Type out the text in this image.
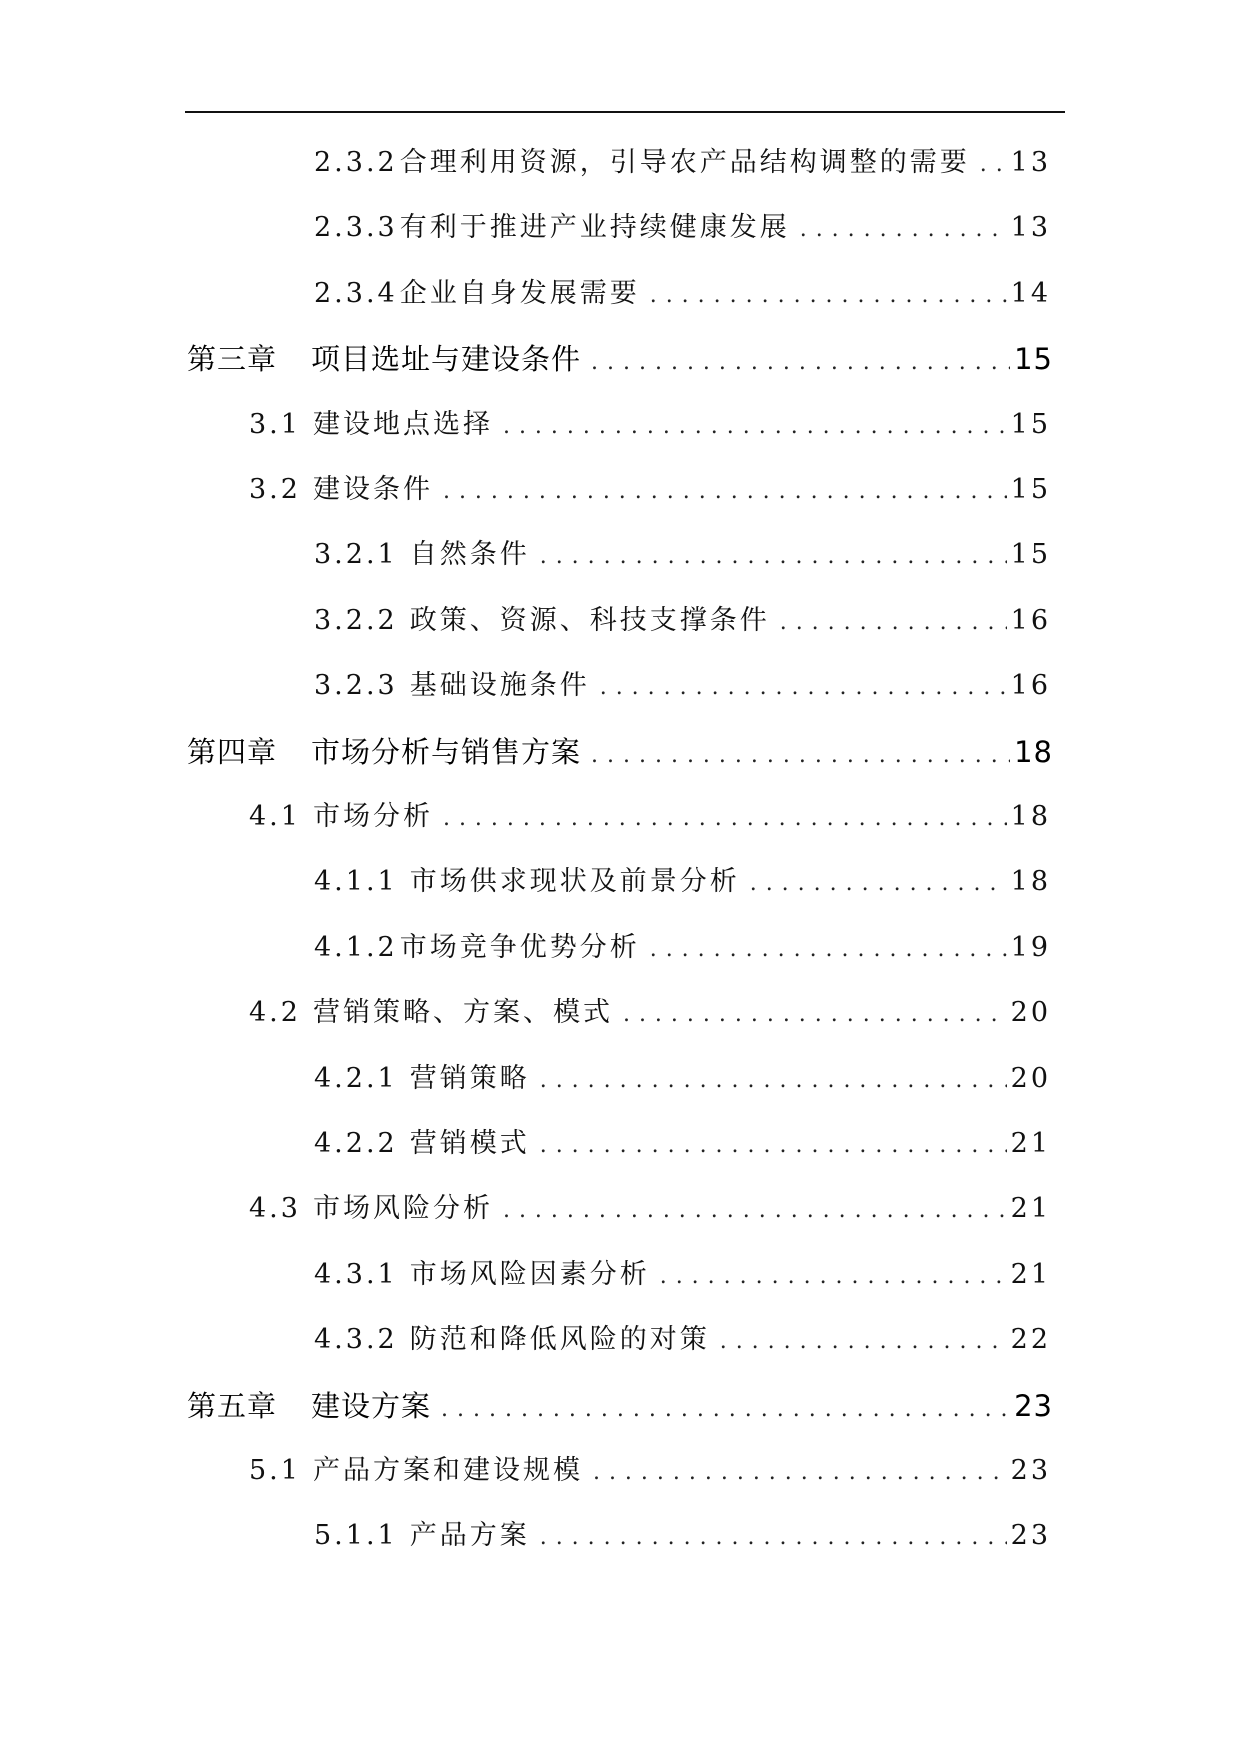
2.3.2 合理利用资源，引导农产品结构调整的需要 . . . 13
2.3.3 有利于推进产业持续健康发展 . . .	13
2.3.4 企业自身发展需要 . . .	14
第三章 项目选址与建设条件 . . .	15
3.1 建设地点选择 . . .	15
3.2 建设条件 . . .	15
3.2.1 自然条件 . . .	15
3.2.2 政策、资源、科技支撑条件 . . .	16
3.2.3 基础设施条件 . . .	16
第四章 市场分析与销售方案 . . .	18
4.1 市场分析 . . .	18
4.1.1 市场供求现状及前景分析 . . .	18
4.1.2 市场竞争优势分析 . . .	19
4.2 营销策略、方案、模式 . . .	20
4.2.1 营销策略 . . .	20
4.2.2 营销模式 . . .	21
4.3 市场风险分析 . . .	21
4.3.1 市场风险因素分析 . . .	21
4.3.2 防范和降低风险的对策 . . .	22
第五章 建设方案 . . .	23
5.1 产品方案和建设规模 . . .	23
5.1.1 产品方案 . . .	23
